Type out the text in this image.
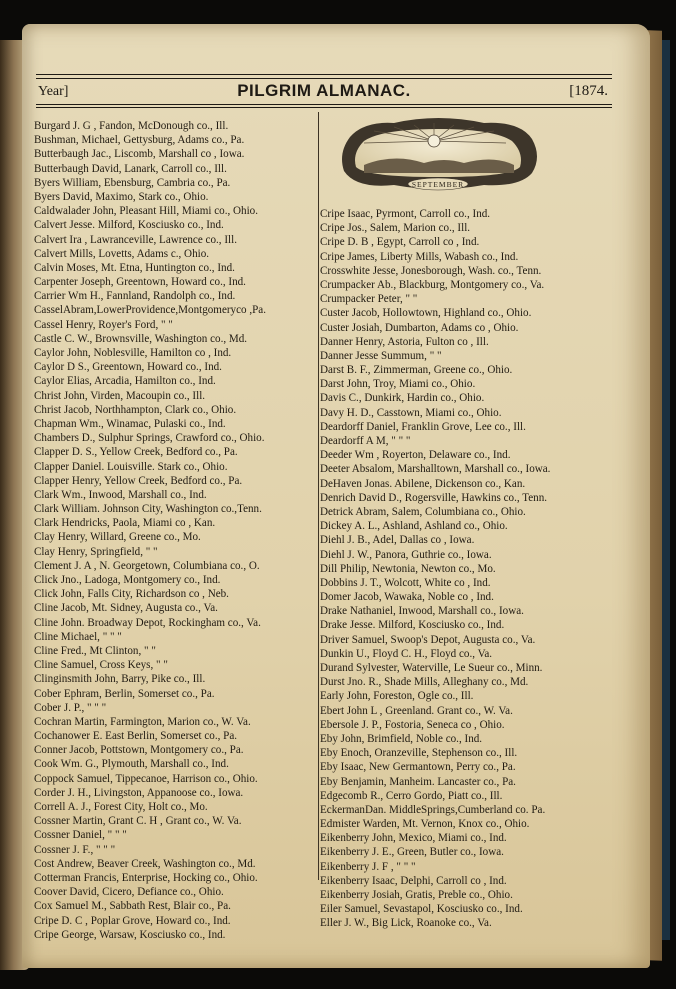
Year]	PILGRIM ALMANAC.	[1874.
SEPTEMBER
Burgard J. G , Fandon, McDonough co., Ill.
Bushman, Michael, Gettysburg, Adams co., Pa.
Butterbaugh Jac., Liscomb, Marshall co , Iowa.
Butterbaugh David, Lanark, Carroll co., Ill.
Byers William, Ebensburg, Cambria co., Pa.
Byers David, Maximo, Stark co., Ohio.
Caldwalader John, Pleasant Hill, Miami co., Ohio.
Calvert Jesse. Milford, Kosciusko co., Ind.
Calvert Ira , Lawranceville, Lawrence co., Ill.
Calvert Mills, Lovetts, Adams c., Ohio.
Calvin Moses, Mt. Etna, Huntington co., Ind.
Carpenter Joseph, Greentown, Howard co., Ind.
Carrier Wm H., Fannland, Randolph co., Ind.
CasselAbram,LowerProvidence,Montgomeryco ,Pa.
Cassel Henry, Royer's Ford, " "
Castle C. W., Brownsville, Washington co., Md.
Caylor John, Noblesville, Hamilton co , Ind.
Caylor D S., Greentown, Howard co., Ind.
Caylor Elias, Arcadia, Hamilton co., Ind.
Christ John, Virden, Macoupin co., Ill.
Christ Jacob, Northhampton, Clark co., Ohio.
Chapman Wm., Winamac, Pulaski co., Ind.
Chambers D., Sulphur Springs, Crawford co., Ohio.
Clapper D. S., Yellow Creek, Bedford co., Pa.
Clapper Daniel. Louisville. Stark co., Ohio.
Clapper Henry, Yellow Creek, Bedford co., Pa.
Clark Wm., Inwood, Marshall co., Ind.
Clark William. Johnson City, Washington co.,Tenn.
Clark Hendricks, Paola, Miami co , Kan.
Clay Henry, Willard, Greene co., Mo.
Clay Henry, Springfield, " "
Clement J. A , N. Georgetown, Columbiana co., O.
Click Jno., Ladoga, Montgomery co., Ind.
Click John, Falls City, Richardson co , Neb.
Cline Jacob, Mt. Sidney, Augusta co., Va.
Cline John. Broadway Depot, Rockingham co., Va.
Cline Michael, " " "
Cline Fred., Mt Clinton, " "
Cline Samuel, Cross Keys, " "
Clinginsmith John, Barry, Pike co., Ill.
Cober Ephram, Berlin, Somerset co., Pa.
Cober J. P., " " "
Cochran Martin, Farmington, Marion co., W. Va.
Cochanower E. East Berlin, Somerset co., Pa.
Conner Jacob, Pottstown, Montgomery co., Pa.
Cook Wm. G., Plymouth, Marshall co., Ind.
Coppock Samuel, Tippecanoe, Harrison co., Ohio.
Corder J. H., Livingston, Appanoose co., Iowa.
Correll A. J., Forest City, Holt co., Mo.
Cossner Martin, Grant C. H , Grant co., W. Va.
Cossner Daniel, " " "
Cossner J. F., " " "
Cost Andrew, Beaver Creek, Washington co., Md.
Cotterman Francis, Enterprise, Hocking co., Ohio.
Coover David, Cicero, Defiance co., Ohio.
Cox Samuel M., Sabbath Rest, Blair co., Pa.
Cripe D. C , Poplar Grove, Howard co., Ind.
Cripe George, Warsaw, Kosciusko co., Ind.
Cripe Isaac, Pyrmont, Carroll co., Ind.
Cripe Jos., Salem, Marion co., Ill.
Cripe D. B , Egypt, Carroll co , Ind.
Cripe James, Liberty Mills, Wabash co., Ind.
Crosswhite Jesse, Jonesborough, Wash. co., Tenn.
Crumpacker Ab., Blackburg, Montgomery co., Va.
Crumpacker Peter, " "
Custer Jacob, Hollowtown, Highland co., Ohio.
Custer Josiah, Dumbarton, Adams co , Ohio.
Danner Henry, Astoria, Fulton co , Ill.
Danner Jesse Summum, " "
Darst B. F., Zimmerman, Greene co., Ohio.
Darst John, Troy, Miami co., Ohio.
Davis C., Dunkirk, Hardin co., Ohio.
Davy H. D., Casstown, Miami co., Ohio.
Deardorff Daniel, Franklin Grove, Lee co., Ill.
Deardorff A M, " " "
Deeder Wm , Royerton, Delaware co., Ind.
Deeter Absalom, Marshalltown, Marshall co., Iowa.
DeHaven Jonas. Abilene, Dickenson co., Kan.
Denrich David D., Rogersville, Hawkins co., Tenn.
Detrick Abram, Salem, Columbiana co., Ohio.
Dickey A. L., Ashland, Ashland co., Ohio.
Diehl J. B., Adel, Dallas co , Iowa.
Diehl J. W., Panora, Guthrie co., Iowa.
Dill Philip, Newtonia, Newton co., Mo.
Dobbins J. T., Wolcott, White co , Ind.
Domer Jacob, Wawaka, Noble co , Ind.
Drake Nathaniel, Inwood, Marshall co., Iowa.
Drake Jesse. Milford, Kosciusko co., Ind.
Driver Samuel, Swoop's Depot, Augusta co., Va.
Dunkin U., Floyd C. H., Floyd co., Va.
Durand Sylvester, Waterville, Le Sueur co., Minn.
Durst Jno. R., Shade Mills, Alleghany co., Md.
Early John, Foreston, Ogle co., Ill.
Ebert John L , Greenland. Grant co., W. Va.
Ebersole J. P., Fostoria, Seneca co , Ohio.
Eby John, Brimfield, Noble co., Ind.
Eby Enoch, Oranzeville, Stephenson co., Ill.
Eby Isaac, New Germantown, Perry co., Pa.
Eby Benjamin, Manheim. Lancaster co., Pa.
Edgecomb R., Cerro Gordo, Piatt co., Ill.
EckermanDan. MiddleSprings,Cumberland co. Pa.
Edmister Warden, Mt. Vernon, Knox co., Ohio.
Eikenberry John, Mexico, Miami co., Ind.
Eikenberry J. E., Green, Butler co., Iowa.
Eikenberry J. F , " " "
Eikenberry Isaac, Delphi, Carroll co , Ind.
Eikenberry Josiah, Gratis, Preble co., Ohio.
Eiler Samuel, Sevastapol, Kosciusko co., Ind.
Eller J. W., Big Lick, Roanoke co., Va.
